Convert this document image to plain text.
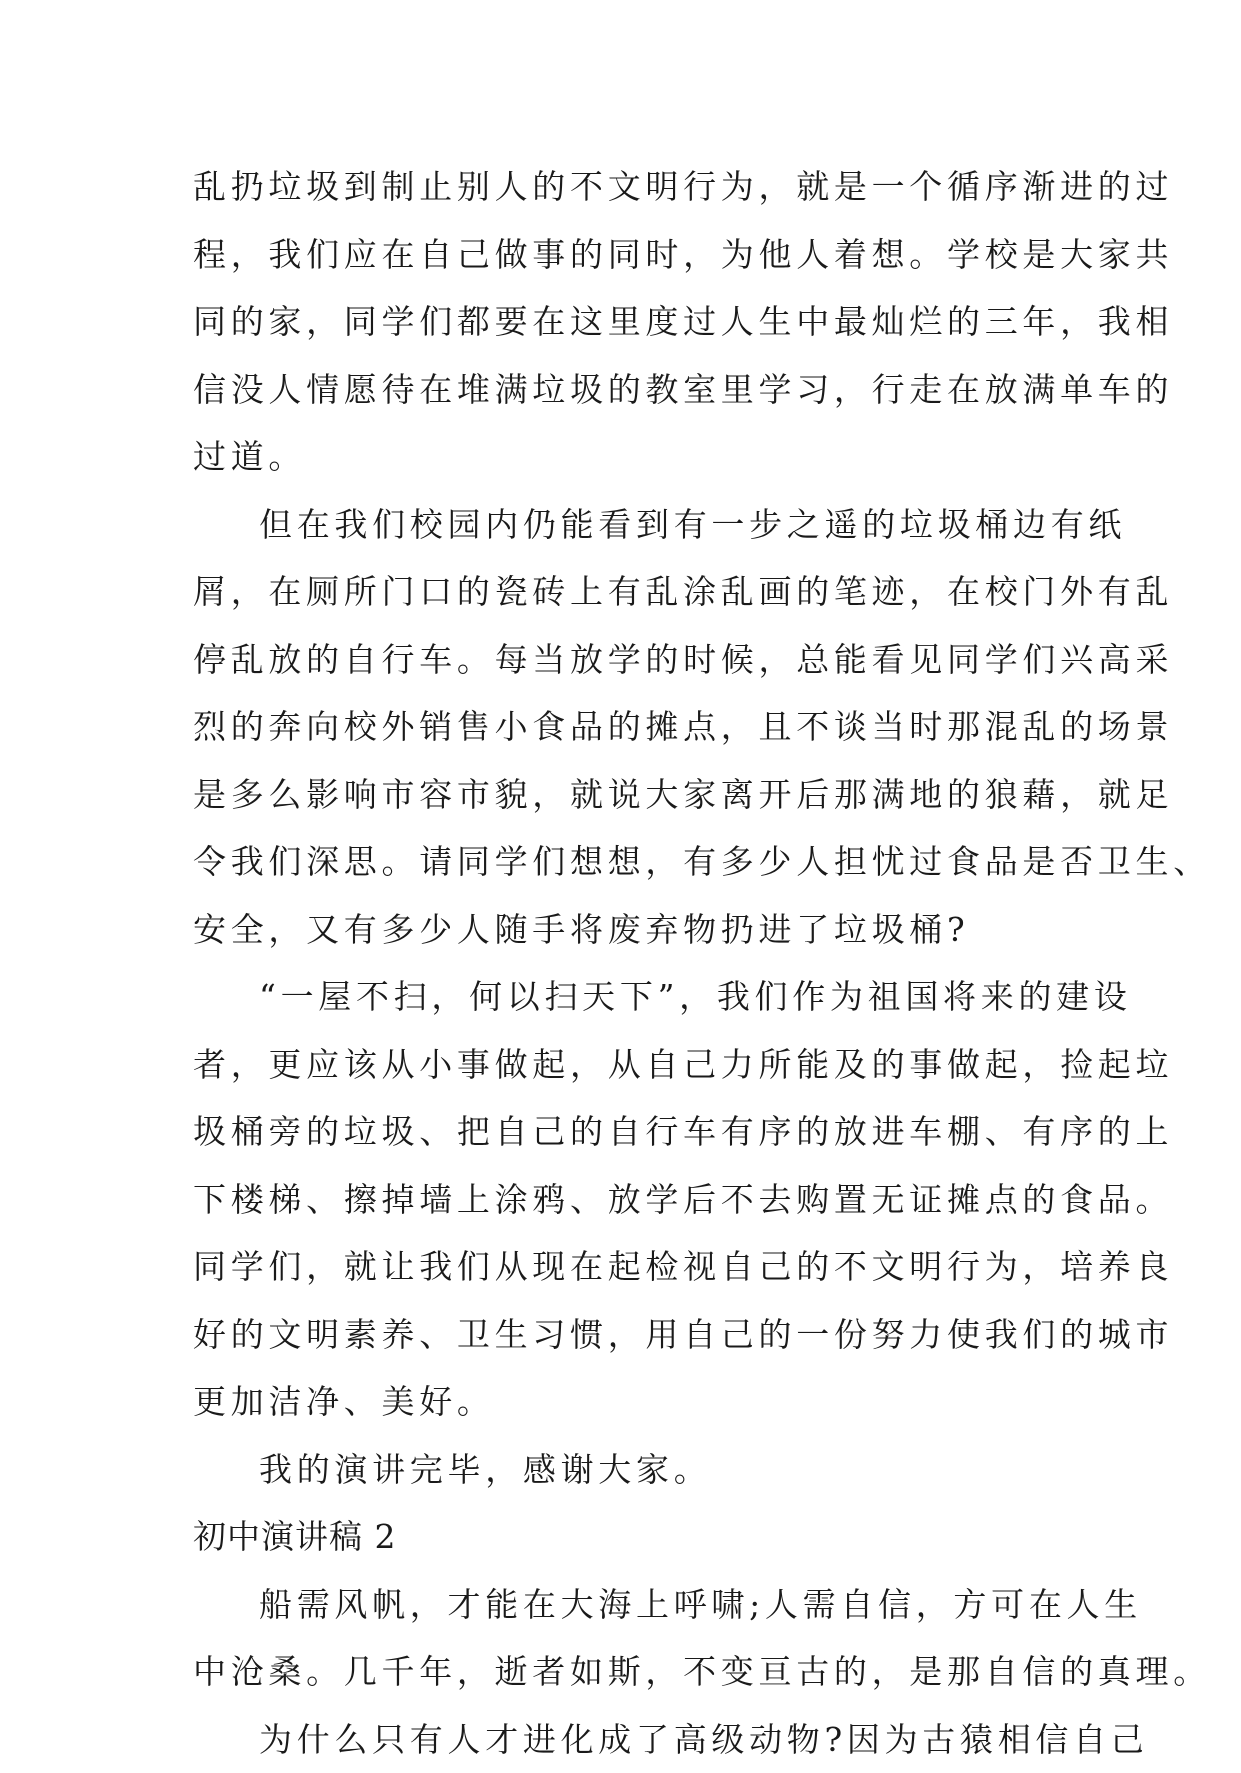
乱扔垃圾到制止别人的不文明行为，就是一个循序渐进的过
程，我们应在自己做事的同时，为他人着想。学校是大家共
同的家，同学们都要在这里度过人生中最灿烂的三年，我相
信没人情愿待在堆满垃圾的教室里学习，行走在放满单车的
过道。
但在我们校园内仍能看到有一步之遥的垃圾桶边有纸
屑，在厕所门口的瓷砖上有乱涂乱画的笔迹，在校门外有乱
停乱放的自行车。每当放学的时候，总能看见同学们兴高采
烈的奔向校外销售小食品的摊点，且不谈当时那混乱的场景
是多么影响市容市貌，就说大家离开后那满地的狼藉，就足
令我们深思。请同学们想想，有多少人担忧过食品是否卫生、
安全，又有多少人随手将废弃物扔进了垃圾桶?
“一屋不扫，何以扫天下”，我们作为祖国将来的建设
者，更应该从小事做起，从自己力所能及的事做起，捡起垃
圾桶旁的垃圾、把自己的自行车有序的放进车棚、有序的上
下楼梯、擦掉墙上涂鸦、放学后不去购置无证摊点的食品。
同学们，就让我们从现在起检视自己的不文明行为，培养良
好的文明素养、卫生习惯，用自己的一份努力使我们的城市
更加洁净、美好。
我的演讲完毕，感谢大家。
初中演讲稿 2
船需风帆，才能在大海上呼啸;人需自信，方可在人生
中沧桑。几千年，逝者如斯，不变亘古的，是那自信的真理。
为什么只有人才进化成了高级动物?因为古猿相信自己
